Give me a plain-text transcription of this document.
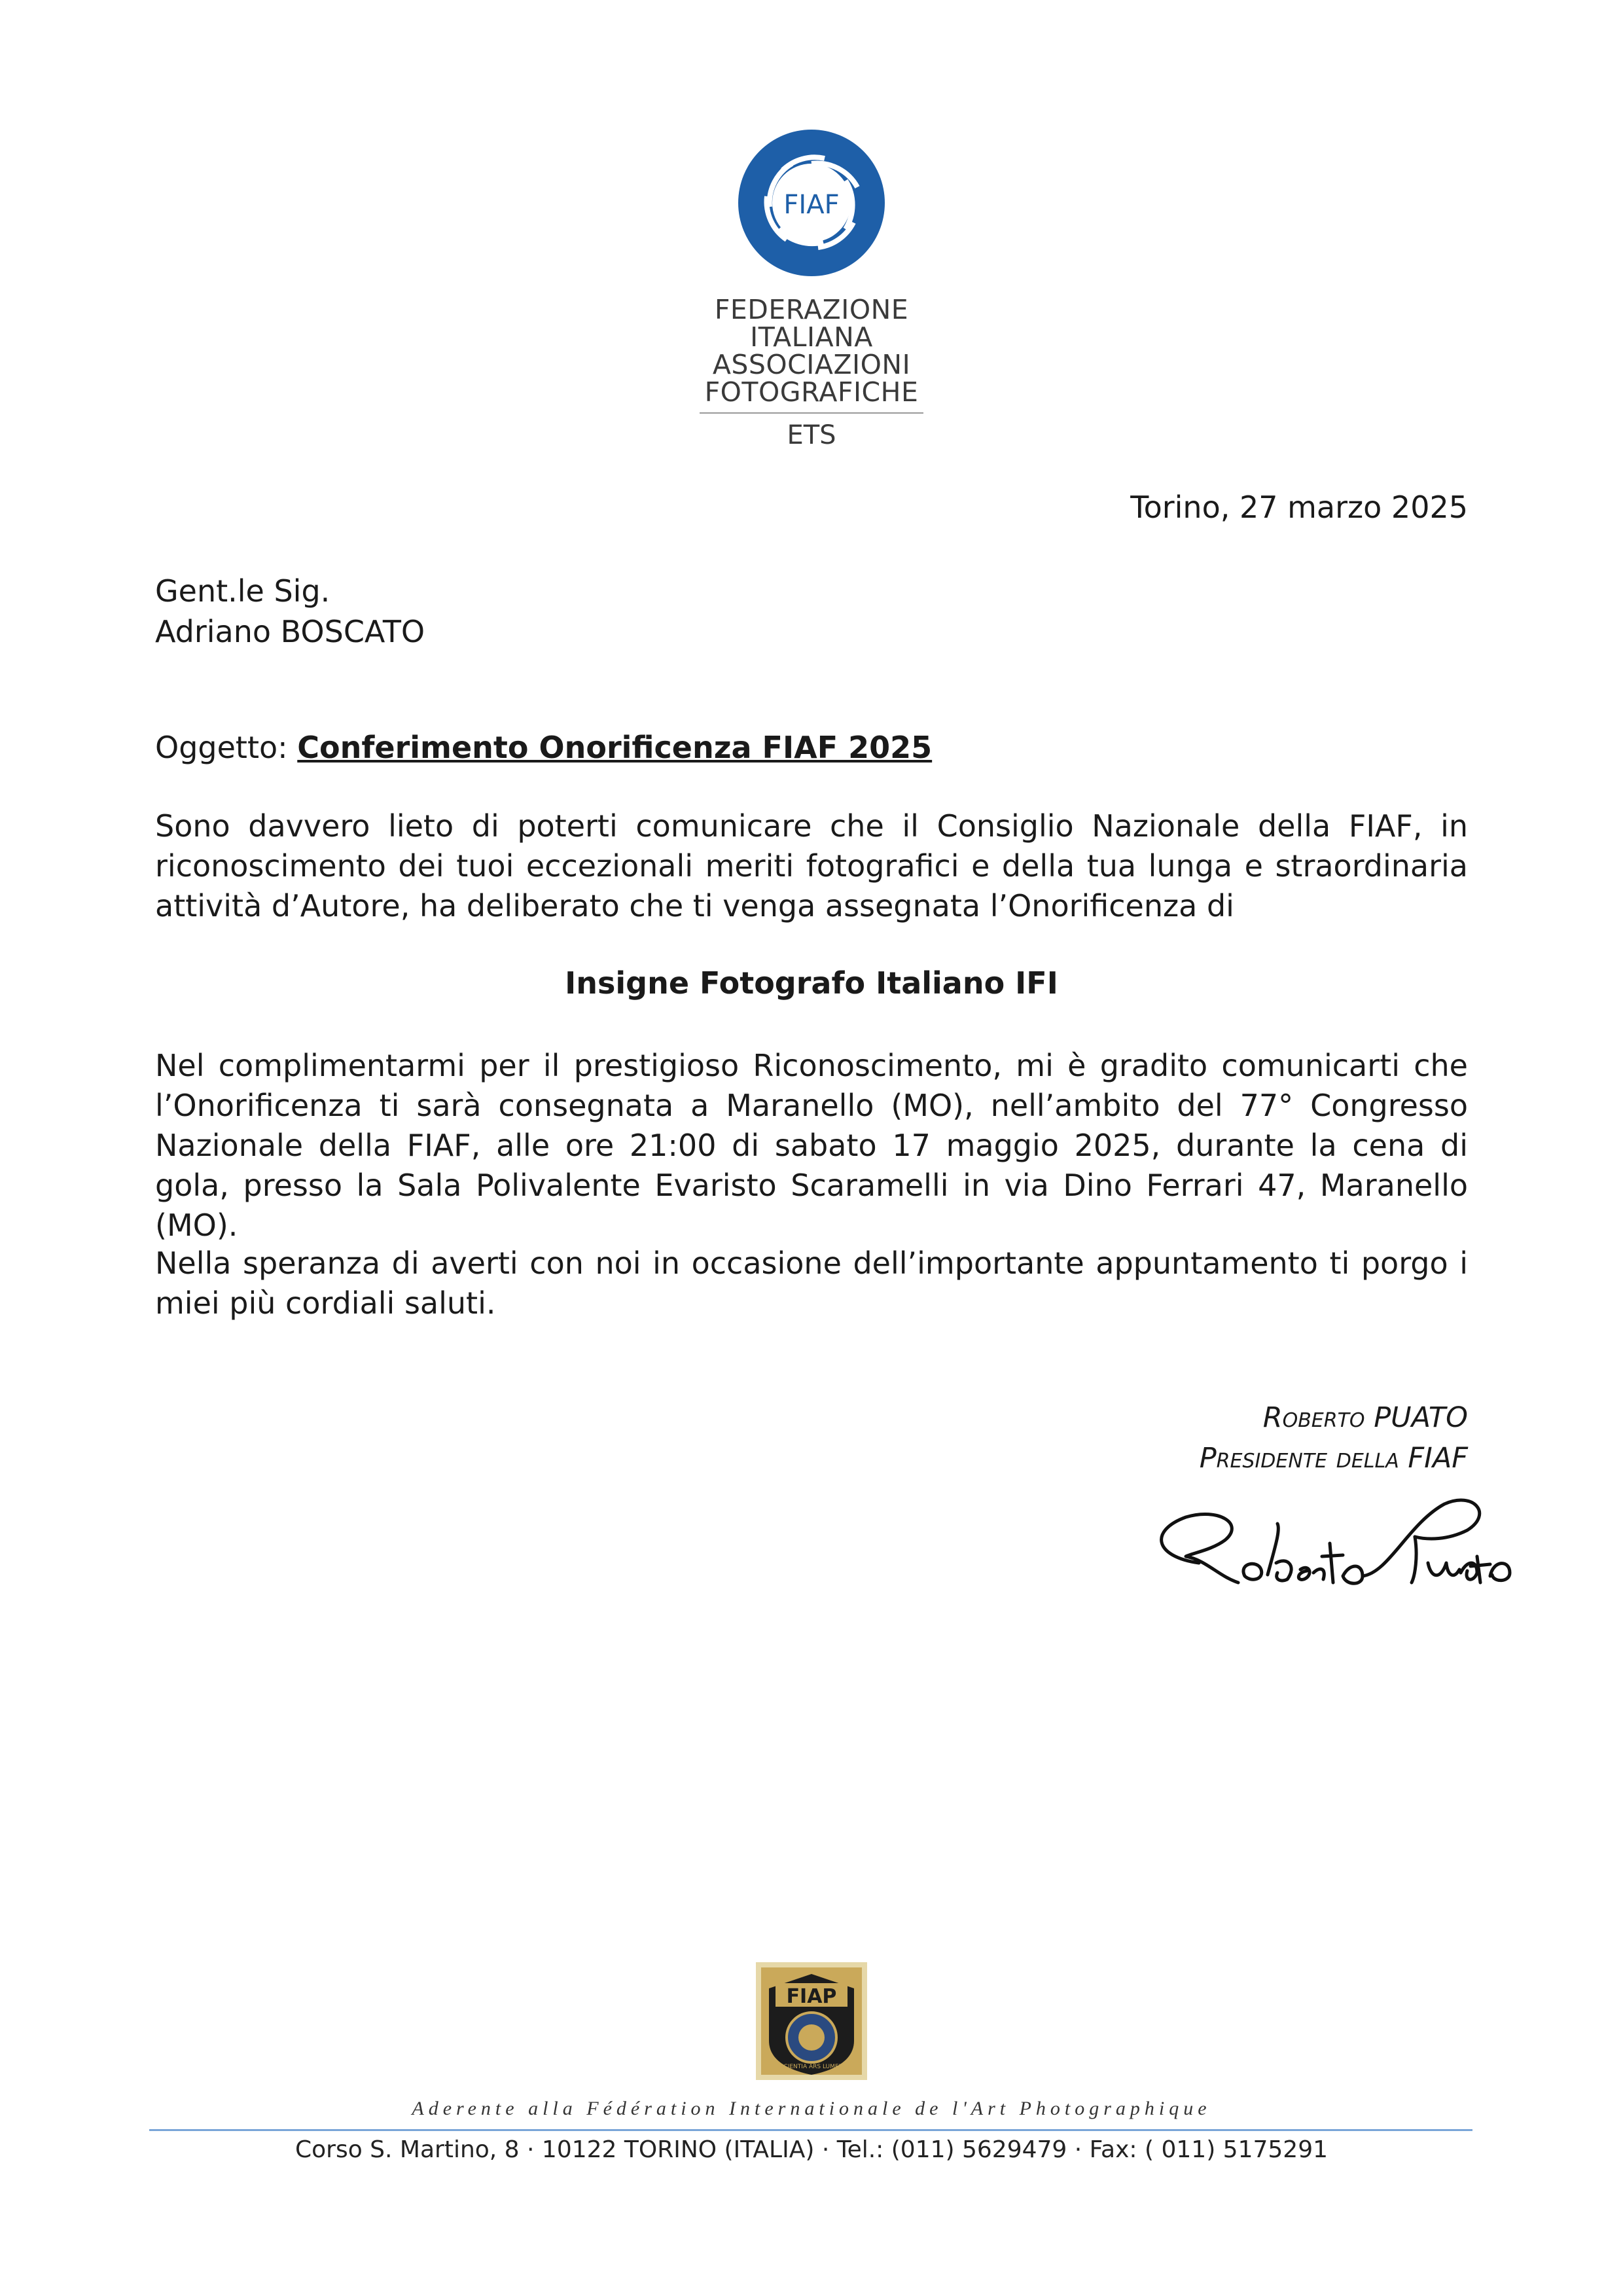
FIAF
FEDERAZIONE
ITALIANA
ASSOCIAZIONI
FOTOGRAFICHE
ETS
Torino, 27 marzo 2025
Gent.le Sig.
Adriano BOSCATO
Oggetto: Conferimento Onorificenza FIAF 2025
Sono davvero lieto di poterti comunicare che il Consiglio Nazionale della FIAF, in riconoscimento dei tuoi eccezionali meriti fotografici e della tua lunga e straordinaria attività d’Autore, ha deliberato che ti venga assegnata l’Onorificenza di
Insigne Fotografo Italiano IFI
Nel complimentarmi per il prestigioso Riconoscimento, mi è gradito comunicarti che l’Onorificenza ti sarà consegnata a Maranello (MO), nell’ambito del 77° Congresso Nazionale della FIAF, alle ore 21:00 di sabato 17 maggio 2025, durante la cena di gola, presso la Sala Polivalente Evaristo Scaramelli in via Dino Ferrari 47, Maranello (MO).
Nella speranza di averti con noi in occasione dell’importante appuntamento ti porgo i miei più cordiali saluti.
Roberto PUATO
Presidente della FIAF
FIAP
SCIENTIA ARS LUMEN
Aderente alla Fédération Internationale de l'Art Photographique
Corso S. Martino, 8 · 10122 TORINO (ITALIA) · Tel.: (011) 5629479 · Fax: ( 011) 5175291
